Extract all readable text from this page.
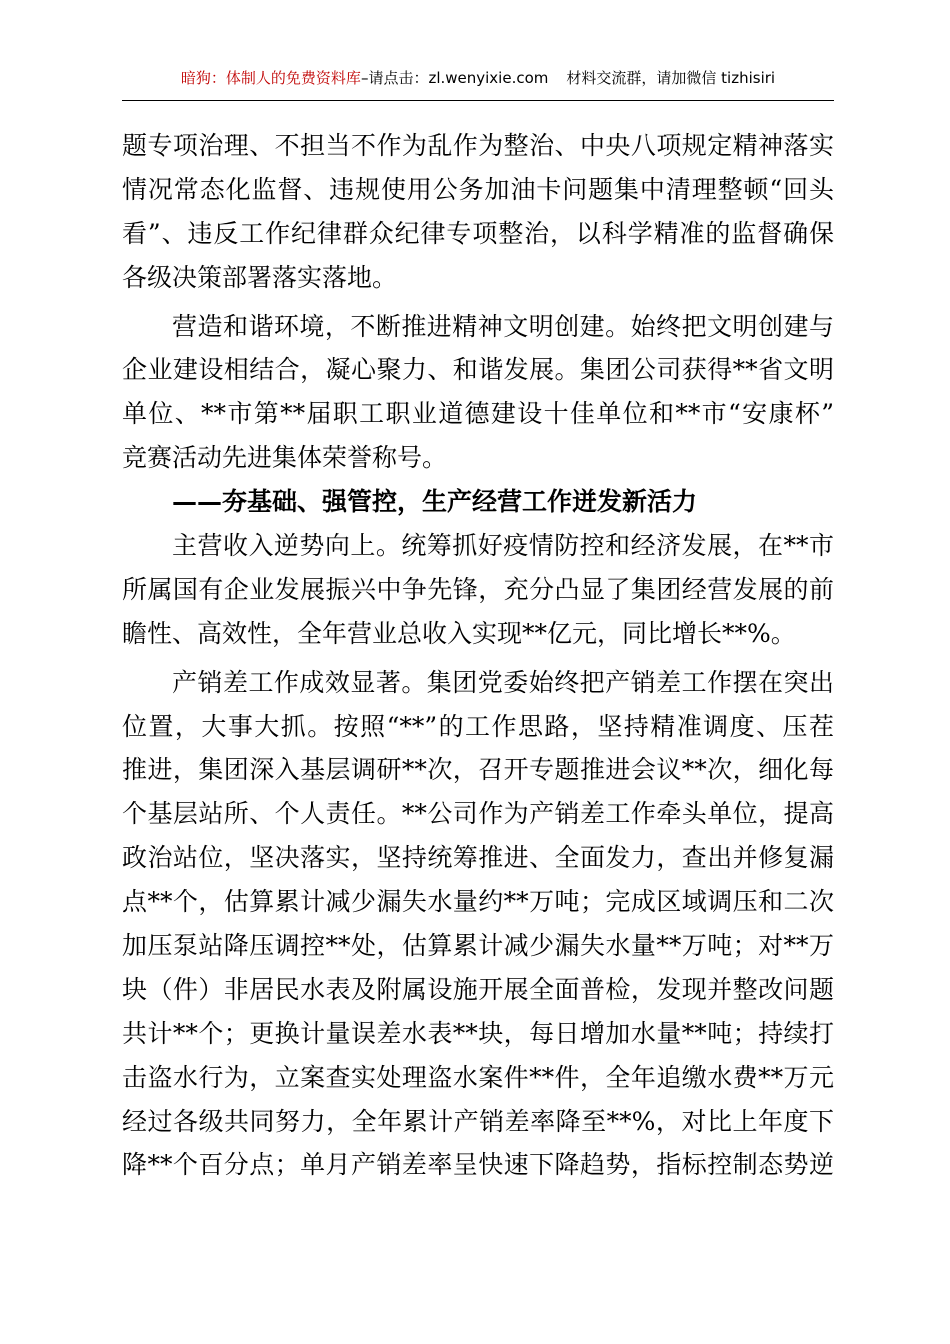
暗狗：体制人的免费资料库–请点击：zl.wenyixie.com 材料交流群，请加微信 tizhisiri
题专项治理、不担当不作为乱作为整治、中央八项规定精神落实
情况常态化监督、违规使用公务加油卡问题集中清理整顿“回头
看”、违反工作纪律群众纪律专项整治，以科学精准的监督确保
各级决策部署落实落地。
营造和谐环境，不断推进精神文明创建。始终把文明创建与
企业建设相结合，凝心聚力、和谐发展。集团公司获得**省文明
单位、**市第**届职工职业道德建设十佳单位和**市“安康杯”
竞赛活动先进集体荣誉称号。
——夯基础、强管控，生产经营工作迸发新活力
主营收入逆势向上。统筹抓好疫情防控和经济发展，在**市
所属国有企业发展振兴中争先锋，充分凸显了集团经营发展的前
瞻性、高效性，全年营业总收入实现**亿元，同比增长**%。
产销差工作成效显著。集团党委始终把产销差工作摆在突出
位置，大事大抓。按照“**”的工作思路，坚持精准调度、压茬
推进，集团深入基层调研**次，召开专题推进会议**次，细化每
个基层站所、个人责任。**公司作为产销差工作牵头单位，提高
政治站位，坚决落实，坚持统筹推进、全面发力，查出并修复漏
点**个，估算累计减少漏失水量约**万吨；完成区域调压和二次
加压泵站降压调控**处，估算累计减少漏失水量**万吨；对**万
块（件）非居民水表及附属设施开展全面普检，发现并整改问题
共计**个；更换计量误差水表**块，每日增加水量**吨；持续打
击盗水行为，立案查实处理盗水案件**件，全年追缴水费**万元
经过各级共同努力，全年累计产销差率降至**%，对比上年度下
降**个百分点；单月产销差率呈快速下降趋势，指标控制态势逆
